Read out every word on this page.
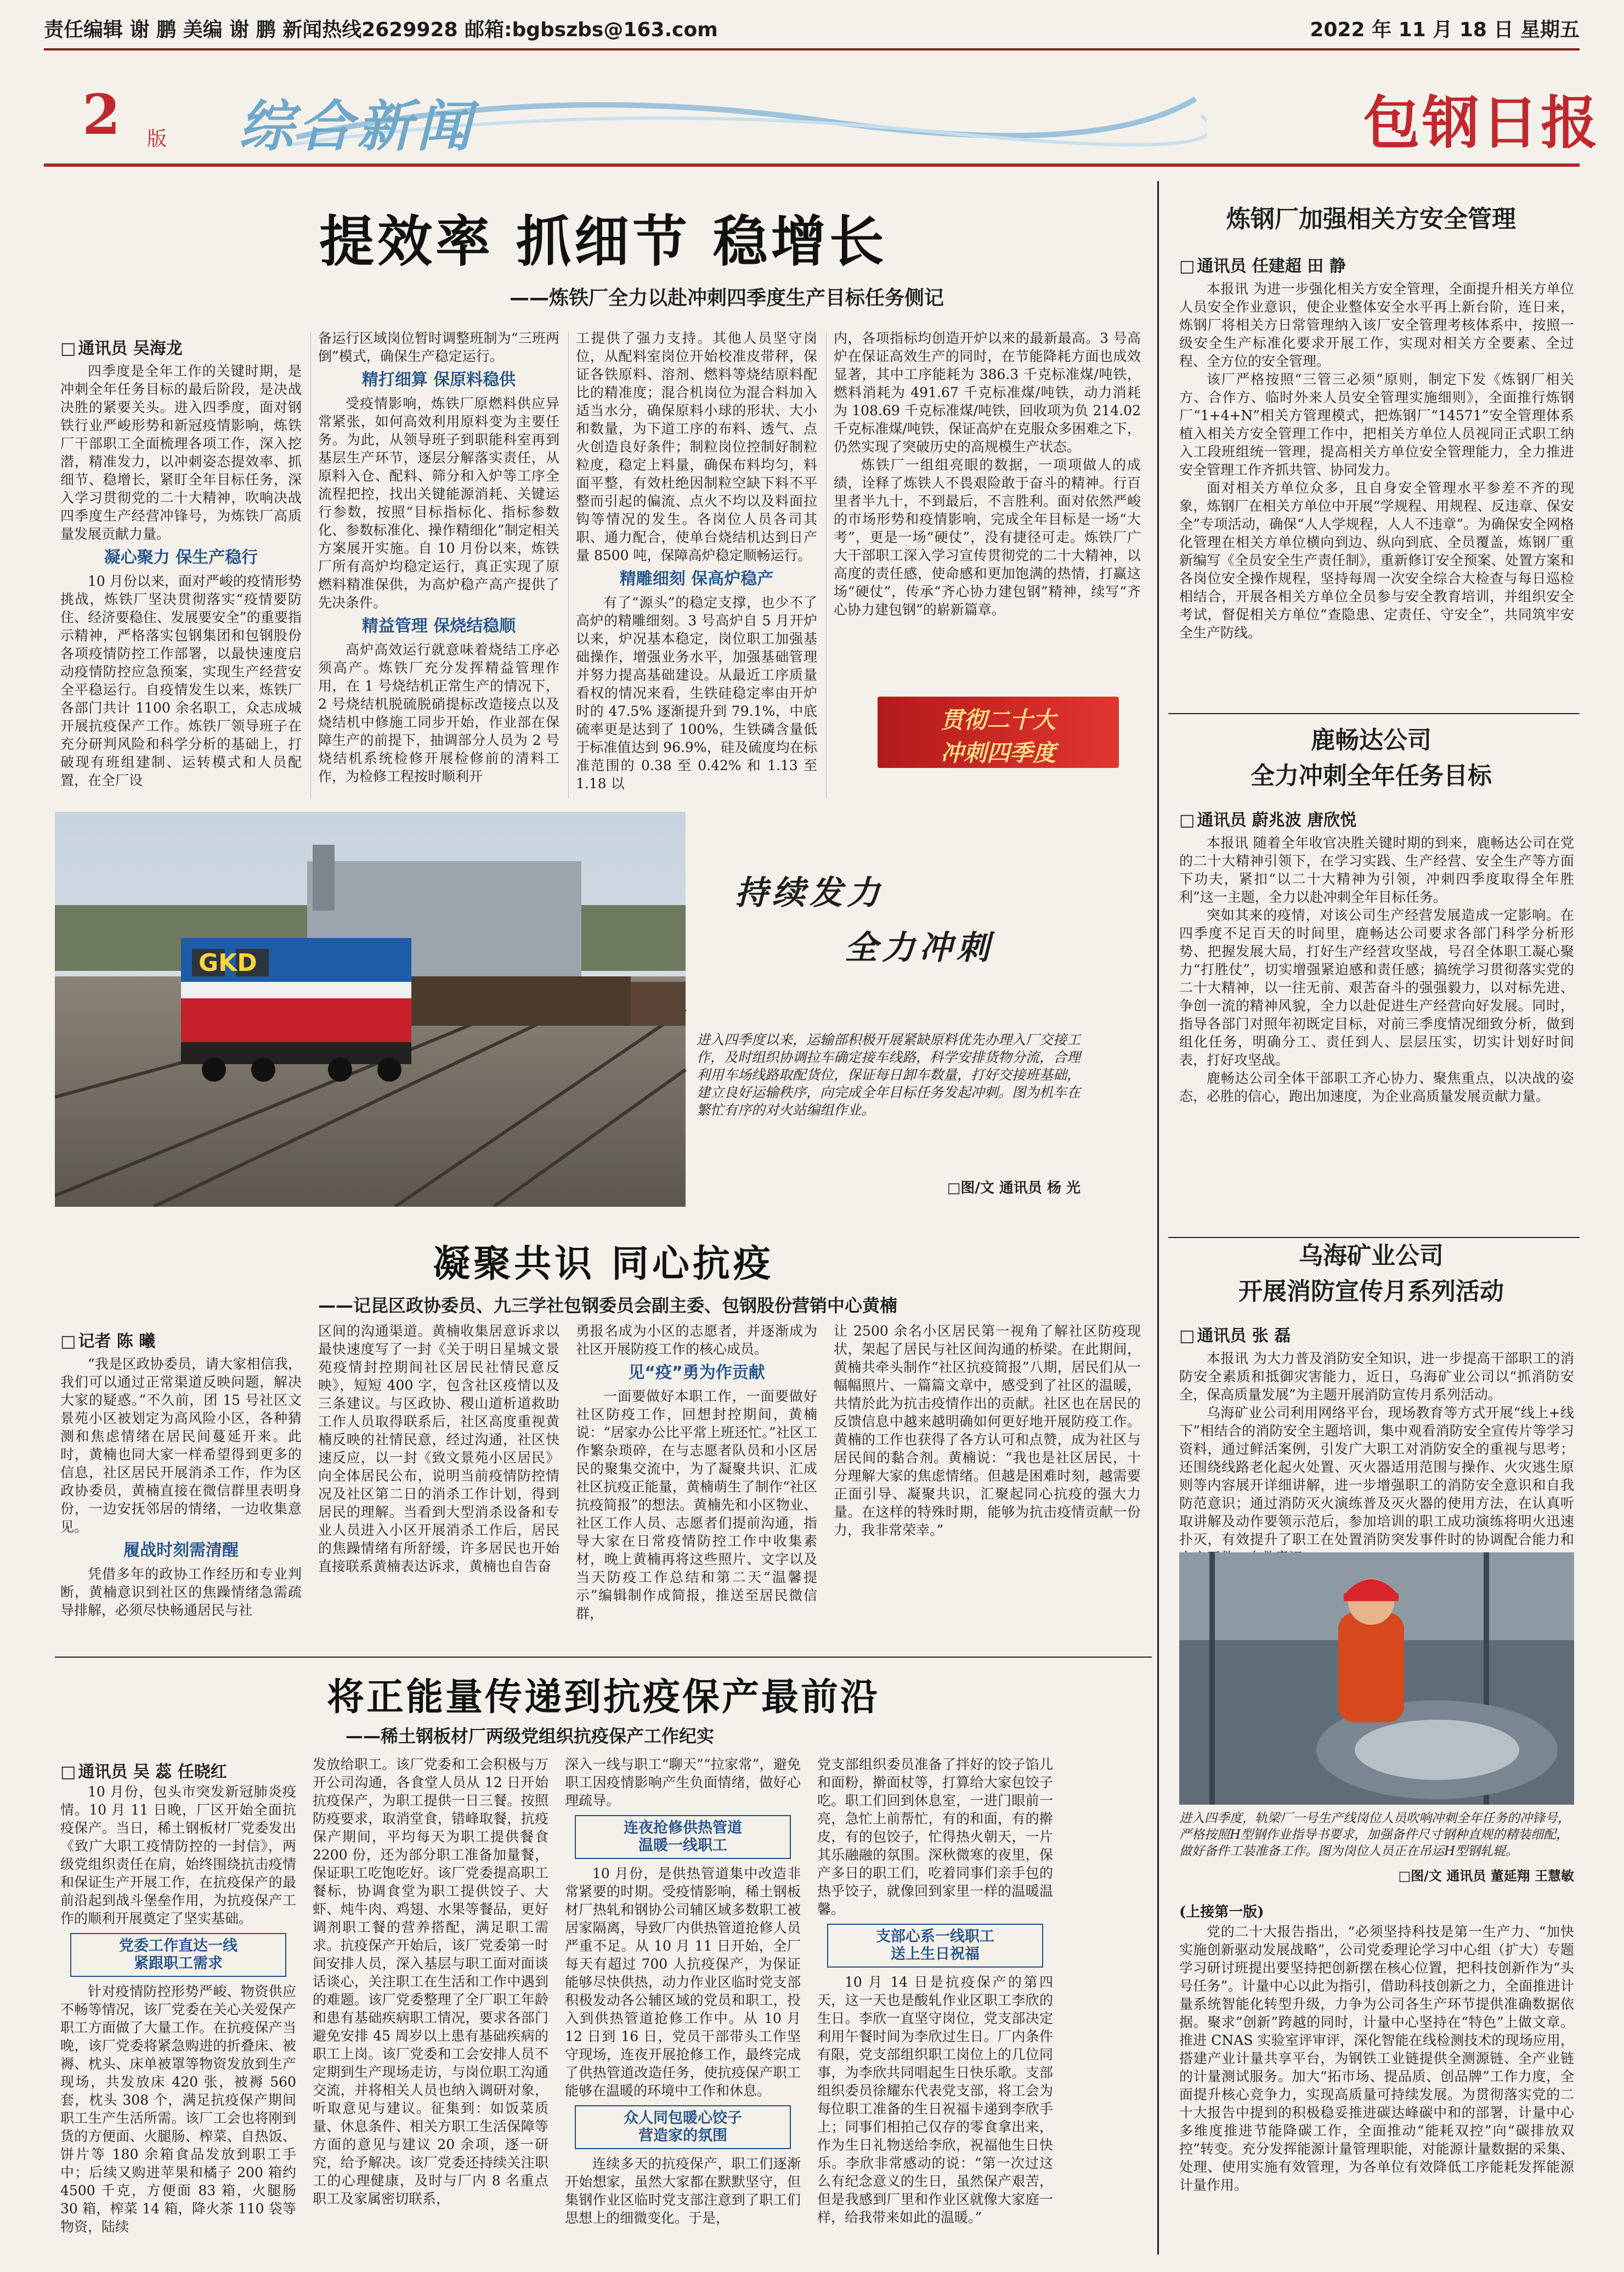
责任编辑 谢 鹏 美编 谢 鹏 新闻热线2629928 邮箱:bgbszbs@163.com	2022 年 11 月 18 日 星期五
2 版 综合新闻	包钢日报
提效率 抓细节 稳增长
——炼铁厂全力以赴冲刺四季度生产目标任务侧记
□ 通讯员 吴海龙

四季度是全年工作的关键时期，是冲刺全年任务目标的最后阶段，是决战决胜的紧要关头。进入四季度，面对钢铁行业严峻形势和新冠疫情影响，炼铁厂干部职工全面梳理各项工作，深入挖潜，精准发力，以冲刺姿态提效率、抓细节、稳增长，紧盯全年目标任务，深入学习贯彻党的二十大精神，吹响决战四季度生产经营冲锋号，为炼铁厂高质量发展贡献力量。

凝心聚力 保生产稳行

10 月份以来，面对严峻的疫情形势挑战，炼铁厂坚决贯彻落实“疫情要防住、经济要稳住、发展要安全”的重要指示精神，严格落实包钢集团和包钢股份各项疫情防控工作部署，以最快速度启动疫情防控应急预案，实现生产经营安全平稳运行。自疫情发生以来，炼铁厂各部门共计 1100 余名职工，众志成城开展抗疫保产工作。炼铁厂领导班子在充分研判风险和科学分析的基础上，打破现有班组建制、运转模式和人员配置，在全厂设

备运行区域岗位暂时调整班制为“三班两倒”模式，确保生产稳定运行。

精打细算 保原料稳供

受疫情影响，炼铁厂原燃料供应异常紧张，如何高效利用原料变为主要任务。为此，从领导班子到职能科室再到基层生产环节，逐层分解落实责任，从原料入仓、配料、筛分和入炉等工序全流程把控，找出关键能源消耗、关键运行参数，按照“目标指标化、指标参数化、参数标准化、操作精细化”制定相关方案展开实施。自 10 月份以来，炼铁厂所有高炉均稳定运行，真正实现了原燃料精准保供，为高炉稳产高产提供了先决条件。

精益管理 保烧结稳顺

高炉高效运行就意味着烧结工序必须高产。炼铁厂充分发挥精益管理作用，在 1 号烧结机正常生产的情况下，2 号烧结机脱硫脱硝提标改造接点以及烧结机中修施工同步开始，作业部在保障生产的前提下，抽调部分人员为 2 号烧结机系统检修开展检修前的清料工作，为检修工程按时顺利开

工提供了强力支持。其他人员坚守岗位，从配料室岗位开始校准皮带秤，保证各铁原料、溶剂、燃料等烧结原料配比的精准度；混合机岗位为混合料加入适当水分，确保原料小球的形状、大小和数量，为下道工序的布料、透气、点火创造良好条件；制粒岗位控制好制粒粒度，稳定上料量，确保布料均匀，料面平整，有效杜绝因制粒空缺下料不平整而引起的偏流、点火不均以及料面拉钩等情况的发生。各岗位人员各司其职、通力配合，使单台烧结机达到日产量 8500 吨，保障高炉稳定顺畅运行。

精雕细刻 保高炉稳产

有了“源头”的稳定支撑，也少不了高炉的精雕细刻。3 号高炉自 5 月开炉以来，炉况基本稳定，岗位职工加强基础操作，增强业务水平，加强基础管理并努力提高基础建设。从最近工序质量看权的情况来看，生铁硅稳定率由开炉时的 47.5% 逐渐提升到 79.1%，中底硫率更是达到了 100%，生铁磷含量低于标准值达到 96.9%，硅及硫度均在标准范围的 0.38 至 0.42% 和 1.13 至 1.18 以

内，各项指标均创造开炉以来的最新最高。3 号高炉在保证高效生产的同时，在节能降耗方面也成效显著，其中工序能耗为 386.3 千克标准煤/吨铁，燃料消耗为 491.67 千克标准煤/吨铁，动力消耗为 108.69 千克标准煤/吨铁，回收项为负 214.02 千克标准煤/吨铁，保证高炉在克服众多困难之下，仍然实现了突破历史的高规模生产状态。

炼铁厂一组组亮眼的数据，一项项做人的成绩，诠释了炼铁人不畏艰险敢于奋斗的精神。行百里者半九十，不到最后，不言胜利。面对依然严峻的市场形势和疫情影响，完成全年目标是一场“大考”，更是一场“硬仗”，没有捷径可走。炼铁厂广大干部职工深入学习宣传贯彻党的二十大精神，以高度的责任感，使命感和更加饱满的热情，打赢这场“硬仗”，传承“齐心协力建包钢”精神，续写“齐心协力建包钢”的崭新篇章。

贯彻二十大
冲刺四季度
GKD
持续发力
全力冲刺
进入四季度以来，运输部积极开展紧缺原料优先办理入厂交接工作，及时组织协调拉车确定接车线路，科学安排货物分流，合理利用车场线路取配货位，保证每日卸车数量，打好交接班基础，建立良好运输秩序，向完成全年目标任务发起冲刺。图为机车在繁忙有序的对火站编组作业。
□图/文 通讯员 杨 光
凝聚共识 同心抗疫
——记昆区政协委员、九三学社包钢委员会副主委、包钢股份营销中心黄楠
□ 记者 陈 曦

“我是区政协委员，请大家相信我，我们可以通过正常渠道反映问题，解决大家的疑惑。”不久前，团 15 号社区文景苑小区被划定为高风险小区，各种猜测和焦虑情绪在居民间蔓延开来。此时，黄楠也同大家一样希望得到更多的信息，社区居民开展消杀工作，作为区政协委员，黄楠直接在微信群里表明身份，一边安抚邻居的情绪，一边收集意见。

履战时刻需清醒

凭借多年的政协工作经历和专业判断，黄楠意识到社区的焦躁情绪急需疏导排解，必须尽快畅通居民与社

区间的沟通渠道。黄楠收集居意诉求以最快速度写了一封《关于明日星城文景苑疫情封控期间社区居民社情民意反映》，短短 400 字，包含社区疫情以及三条建议。与区政协、稷山道析道救助工作人员取得联系后，社区高度重视黄楠反映的社情民意，经过沟通，社区快速反应，以一封《致文景苑小区居民》向全体居民公布，说明当前疫情防控情况及社区第二日的消杀工作计划，得到居民的理解。当看到大型消杀设备和专业人员进入小区开展消杀工作后，居民的焦躁情绪有所舒缓，许多居民也开始直接联系黄楠表达诉求，黄楠也自告奋

勇报名成为小区的志愿者，并逐渐成为社区开展防疫工作的核心成员。

见“疫”勇为作贡献

一面要做好本职工作，一面要做好社区防疫工作，回想封控期间，黄楠说：“居家办公比平常上班还忙。”社区工作繁杂琐碎，在与志愿者队员和小区居民的聚集交流中，为了凝聚共识、汇成社区抗疫正能量，黄楠萌生了制作“社区抗疫简报”的想法。黄楠先和小区物业、社区工作人员、志愿者们提前沟通，指导大家在日常疫情防控工作中收集素材，晚上黄楠再将这些照片、文字以及当天防疫工作总结和第二天“温馨提示”编辑制作成简报，推送至居民微信群，

让 2500 余名小区居民第一视角了解社区防疫现状，架起了居民与社区间沟通的桥梁。在此期间，黄楠共牵头制作“社区抗疫简报”八期，居民们从一幅幅照片、一篇篇文章中，感受到了社区的温暖，共情於此为抗击疫情作出的贡献。社区也在居民的反馈信息中越来越明确如何更好地开展防疫工作。黄楠的工作也获得了各方认可和点赞，成为社区与居民间的黏合剂。黄楠说：“我也是社区居民，十分理解大家的焦虑情绪。但越是困难时刻，越需要正面引导、凝聚共识，汇聚起同心抗疫的强大力量。在这样的特殊时期，能够为抗击疫情贡献一份力，我非常荣幸。”

将正能量传递到抗疫保产最前沿
——稀土钢板材厂两级党组织抗疫保产工作纪实
□ 通讯员 吴 蕊 任晓红

10 月份，包头市突发新冠肺炎疫情。10 月 11 日晚，厂区开始全面抗疫保产。当日，稀土钢板材厂党委发出《致广大职工疫情防控的一封信》，两级党组织责任在肩，始终围绕抗击疫情和保证生产开展工作，在抗疫保产的最前沿起到战斗堡垒作用，为抗疫保产工作的顺利开展奠定了坚实基础。

党委工作直达一线
紧跟职工需求

针对疫情防控形势严峻、物资供应不畅等情况，该厂党委在关心关爱保产职工方面做了大量工作。在抗疫保产当晚，该厂党委将紧急购进的折叠床、被褥、枕头、床单被罩等物资发放到生产现场，共发放床 420 张，被褥 560 套，枕头 308 个，满足抗疫保产期间职工生产生活所需。该厂工会也将刚到货的方便面、火腿肠、榨菜、自热饭、饼片等 180 余箱食品发放到职工手中；后续又购进苹果和橘子 200 箱约 4500 千克，方便面 83 箱，火腿肠 30 箱，榨菜 14 箱，降火茶 110 袋等物资，陆续

发放给职工。该厂党委和工会积极与万开公司沟通，各食堂人员从 12 日开始抗疫保产，为职工提供一日三餐。按照防疫要求，取消堂食，错峰取餐，抗疫保产期间，平均每天为职工提供餐食 2200 份，还为部分职工准备加量餐，保证职工吃饱吃好。该厂党委提高职工餐标，协调食堂为职工提供饺子、大虾、炖牛肉、鸡翅、水果等餐品，更好调剂职工餐的营养搭配，满足职工需求。抗疫保产开始后，该厂党委第一时间安排人员，深入基层与职工面对面谈话谈心，关注职工在生活和工作中遇到的难题。该厂党委整理了全厂职工年龄和患有基础疾病职工情况，要求各部门避免安排 45 周岁以上患有基础疾病的职工上岗。该厂党委和工会安排人员不定期到生产现场走访，与岗位职工沟通交流，并将相关人员也纳入调研对象，听取意见与建议。征集到：如饭菜质量、休息条件、相关方职工生活保障等方面的意见与建议 20 余项，逐一研究，给予解决。该厂党委还持续关注职工的心理健康，及时与厂内 8 名重点职工及家属密切联系，

深入一线与职工“聊天”“拉家常”，避免职工因疫情影响产生负面情绪，做好心理疏导。

连夜抢修供热管道
温暖一线职工

10 月份，是供热管道集中改造非常紧要的时期。受疫情影响，稀土钢板材厂热轧和钢协公司辅区域多数职工被居家隔离，导致厂内供热管道抢修人员严重不足。从 10 月 11 日开始，全厂每天有超过 700 人抗疫保产，为保证能够尽快供热，动力作业区临时党支部积极发动各公辅区域的党员和职工，投入到供热管道抢修工作中。从 10 月 12 日到 16 日，党员干部带头工作坚守现场，连夜开展抢修工作，最终完成了供热管道改造任务，使抗疫保产职工能够在温暖的环境中工作和休息。

众人同包暖心饺子
营造家的氛围

连续多天的抗疫保产，职工们逐渐开始想家，虽然大家都在默默坚守，但集钢作业区临时党支部注意到了职工们思想上的细微变化。于是，

党支部组织委员准备了拌好的饺子馅儿和面粉，擀面杖等，打算给大家包饺子吃。职工们回到休息室，一进门眼前一亮，急忙上前帮忙，有的和面，有的擀皮，有的包饺子，忙得热火朝天，一片其乐融融的氛围。深秋微寒的夜里，保产多日的职工们，吃着同事们亲手包的热乎饺子，就像回到家里一样的温暖温馨。

支部心系一线职工
送上生日祝福

10 月 14 日是抗疫保产的第四天，这一天也是酸轧作业区职工李欣的生日。李欣一直坚守岗位，党支部决定利用午餐时间为李欣过生日。厂内条件有限，党支部组织职工岗位上的几位同事，为李欣共同唱起生日快乐歌。支部组织委员徐耀东代表党支部，将工会为每位职工准备的生日祝福卡递到李欣手上；同事们相拍己仅存的零食拿出来，作为生日礼物送给李欣，祝福他生日快乐。李欣非常感动的说：“第一次过这么有纪念意义的生日，虽然保产艰苦，但是我感到厂里和作业区就像大家庭一样，给我带来如此的温暖。”

炼钢厂加强相关方安全管理
□ 通讯员 任建超 田 静

本报讯 为进一步强化相关方安全管理，全面提升相关方单位人员安全作业意识，使企业整体安全水平再上新台阶，连日来，炼钢厂将相关方日常管理纳入该厂安全管理考核体系中，按照一级安全生产标准化要求开展工作，实现对相关方全要素、全过程、全方位的安全管理。

该厂严格按照“三管三必须”原则，制定下发《炼钢厂相关方、合作方、临时外来人员安全管理实施细则》，全面推行炼钢厂“1+4+N”相关方管理模式，把炼钢厂“14571”安全管理体系植入相关方安全管理工作中，把相关方单位人员视同正式职工纳入工段班组统一管理，提高相关方单位安全管理能力，全力推进安全管理工作齐抓共管、协同发力。

面对相关方单位众多，且自身安全管理水平参差不齐的现象，炼钢厂在相关方单位中开展“学规程、用规程、反违章、保安全”专项活动，确保“人人学规程，人人不违章”。为确保安全网格化管理在相关方单位横向到边、纵向到底、全员覆盖，炼钢厂重新编写《全员安全生产责任制》，重新修订安全预案、处置方案和各岗位安全操作规程，坚持每周一次安全综合大检查与每日巡检相结合，开展各相关方单位全员参与安全教育培训，并组织安全考试，督促相关方单位“查隐患、定责任、守安全”，共同筑牢安全生产防线。

鹿畅达公司
全力冲刺全年任务目标
□ 通讯员 蔚兆波 唐欣悦

本报讯 随着全年收官决胜关键时期的到来，鹿畅达公司在党的二十大精神引领下，在学习实践、生产经营、安全生产等方面下功夫，紧扣“以二十大精神为引领，冲刺四季度取得全年胜利”这一主题，全力以赴冲刺全年目标任务。

突如其来的疫情，对该公司生产经营发展造成一定影响。在四季度不足百天的时间里，鹿畅达公司要求各部门科学分析形势、把握发展大局，打好生产经营攻坚战，号召全体职工凝心聚力“打胜仗”，切实增强紧迫感和责任感；搞统学习贯彻落实党的二十大精神，以一往无前、艰苦奋斗的强强毅力，以对标先进、争创一流的精神风貌，全力以赴促进生产经营向好发展。同时，指导各部门对照年初既定目标，对前三季度情况细致分析，做到组化任务，明确分工、责任到人、层层压实，切实计划好时间表，打好攻坚战。

鹿畅达公司全体干部职工齐心协力、聚焦重点，以决战的姿态，必胜的信心，跑出加速度，为企业高质量发展贡献力量。

乌海矿业公司
开展消防宣传月系列活动
□ 通讯员 张 磊

本报讯 为大力普及消防安全知识，进一步提高干部职工的消防安全素质和抵御灾害能力，近日，乌海矿业公司以“抓消防安全，保高质量发展”为主题开展消防宣传月系列活动。

乌海矿业公司利用网络平台，现场教育等方式开展“线上+线下”相结合的消防安全主题培训，集中观看消防安全宣传片等学习资料，通过鲜活案例，引发广大职工对消防安全的重视与思考；还围绕线路老化起火处置、灭火器适用范围与操作、火灾逃生原则等内容展开详细讲解，进一步增强职工的消防安全意识和自我防范意识；通过消防灭火演练普及灭火器的使用方法，在认真听取讲解及动作要领示范后，参加培训的职工成功演练将明火迅速扑灭，有效提升了职工在处置消防突发事件时的协调配合能力和

进入四季度，轨梁厂一号生产线岗位人员吹响冲刺全年任务的冲锋号，严格按照H型钢作业指导书要求，加强备件尺寸钢种直规的精装细配，做好备件工装准备工作。图为岗位人员正在吊运H型钢轧辊。
□图/文 通讯员 董延翔 王慧敏
(上接第一版)

党的二十大报告指出，“必须坚持科技是第一生产力、“加快实施创新驱动发展战略”，公司党委理论学习中心组（扩大）专题学习研讨班提出要坚持把创新摆在核心位置，把科技创新作为“头号任务”。计量中心以此为指引，借助科技创新之力，全面推进计量系统智能化转型升级，力争为公司各生产环节提供准确数据依据。聚求“创新”跨越的同时，计量中心坚持在“特色”上做文章。推进 CNAS 实验室评审评，深化智能在线检测技术的现场应用，搭建产业计量共享平台，为钢铁工业链提供全测源链、全产业链的计量测试服务。加大“拓市场、提品质、创品牌”工作力度，全面提升核心竞争力，实现高质量可持续发展。为贯彻落实党的二十大报告中提到的积极稳妥推进碳达峰碳中和的部署，计量中心多维度推进节能降碳工作，全面推动“能耗双控”向“碳排放双控”转变。充分发挥能源计量管理职能，对能源计量数据的采集、处理、使用实施有效管理，为各单位有效降低工序能耗发挥能源计量作用。
